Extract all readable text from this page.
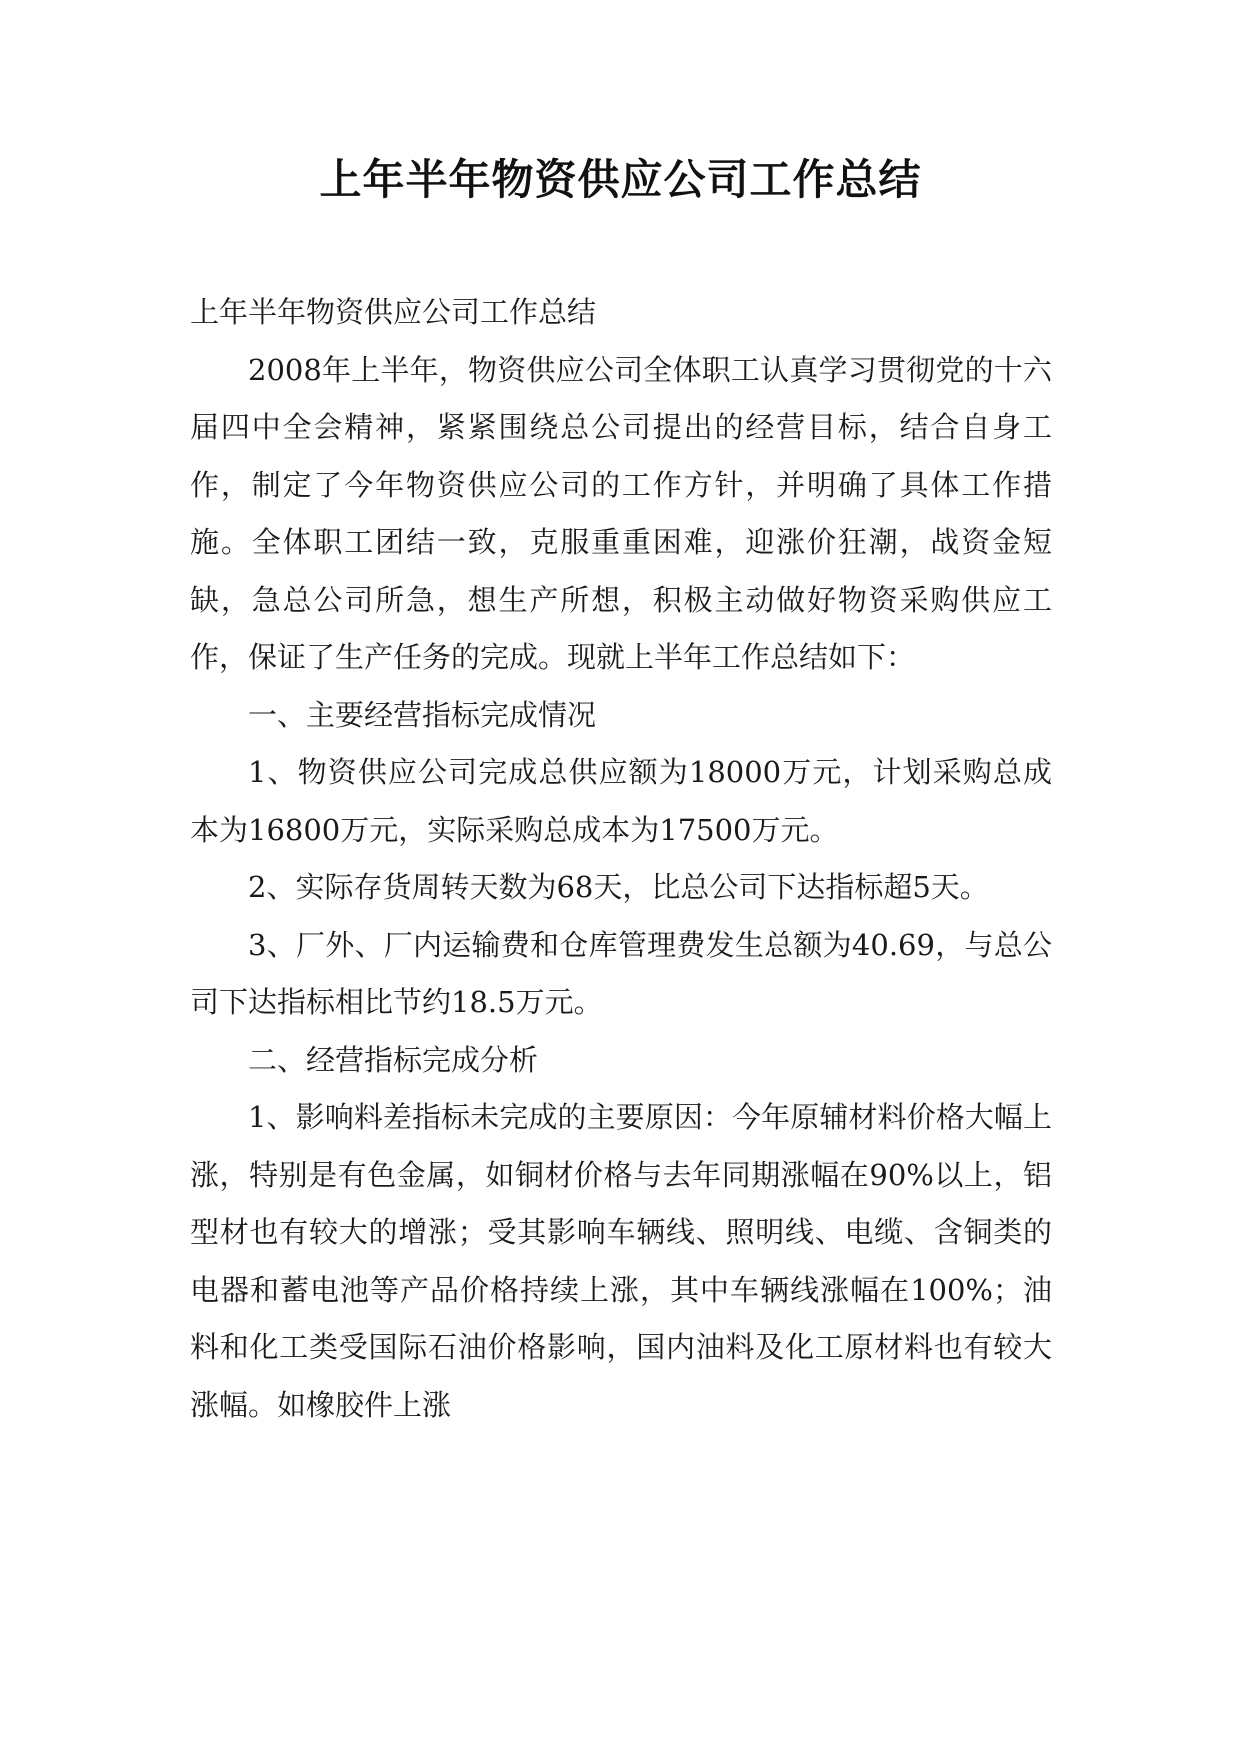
上年半年物资供应公司工作总结

上年半年物资供应公司工作总结

2008年上半年，物资供应公司全体职工认真学习贯彻党的十六届四中全会精神，紧紧围绕总公司提出的经营目标，结合自身工作，制定了今年物资供应公司的工作方针，并明确了具体工作措施。全体职工团结一致，克服重重困难，迎涨价狂潮，战资金短缺，急总公司所急，想生产所想，积极主动做好物资采购供应工作，保证了生产任务的完成。现就上半年工作总结如下：

一、主要经营指标完成情况

1、物资供应公司完成总供应额为18000万元，计划采购总成本为16800万元，实际采购总成本为17500万元。

2、实际存货周转天数为68天，比总公司下达指标超5天。

3、厂外、厂内运输费和仓库管理费发生总额为40.69，与总公司下达指标相比节约18.5万元。

二、经营指标完成分析

1、影响料差指标未完成的主要原因：今年原辅材料价格大幅上涨，特别是有色金属，如铜材价格与去年同期涨幅在90%以上，铝型材也有较大的增涨；受其影响车辆线、照明线、电缆、含铜类的电器和蓄电池等产品价格持续上涨，其中车辆线涨幅在100%；油料和化工类受国际石油价格影响，国内油料及化工原材料也有较大涨幅。如橡胶件上涨
